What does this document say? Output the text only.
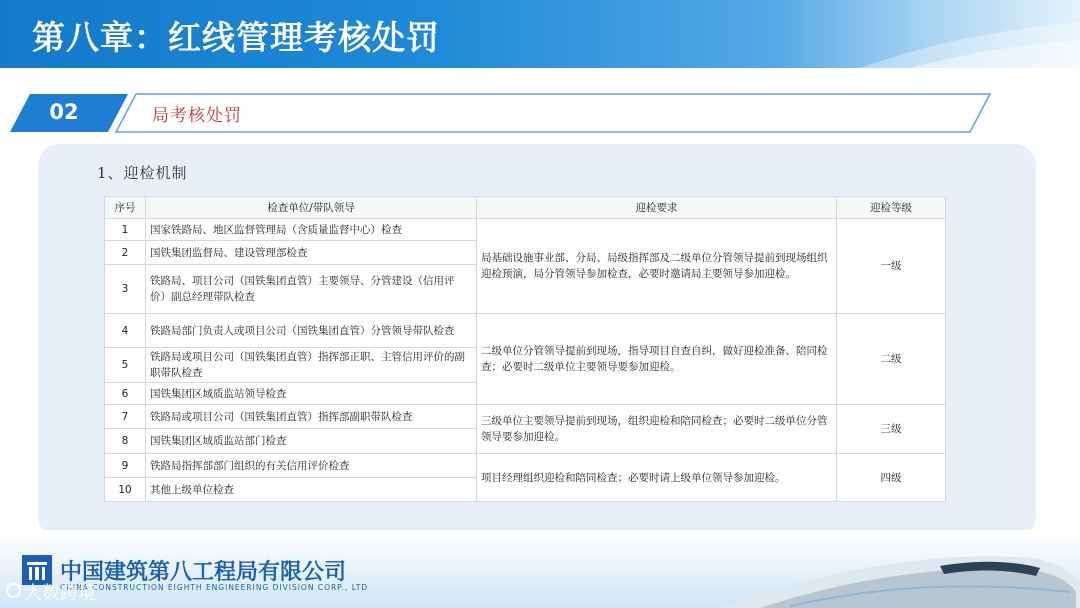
第八章：红线管理考核处罚
02	局考核处罚
1、迎检机制
序号	检查单位/带队领导	迎检要求	迎检等级
1	国家铁路局、地区监督管理局（含质量监督中心）检查	局基础设施事业部、分局、局级指挥部及二级单位分管领导提前到现场组织迎检预演，局分管领导参加检查，必要时邀请局主要领导参加迎检。	一级
2	国铁集团监督局、建设管理部检查		
3	铁路局、项目公司（国铁集团直管）主要领导、分管建设（信用评价）副总经理带队检查		
4	铁路局部门负责人或项目公司（国铁集团直管）分管领导带队检查	二级单位分管领导提前到现场，指导项目自查自纠，做好迎检准备、陪同检查；必要时二级单位主要领导要参加迎检。	二级
5	铁路局或项目公司（国铁集团直管）指挥部正职、主管信用评价的副职带队检查		
6	国铁集团区域质监站领导检查		
7	铁路局或项目公司（国铁集团直管）指挥部副职带队检查	三级单位主要领导提前到现场，组织迎检和陪同检查；必要时二级单位分管领导要参加迎检。	三级
8	国铁集团区域质监站部门检查		
9	铁路局指挥部部门组织的有关信用评价检查	项目经理组织迎检和陪同检查；必要时请上级单位领导参加迎检。	四级
10	其他上级单位检查		
中国建筑第八工程局有限公司
CHINA CONSTRUCTION EIGHTH ENGINEERING DIVISION CORP., LTD
大数跨境
